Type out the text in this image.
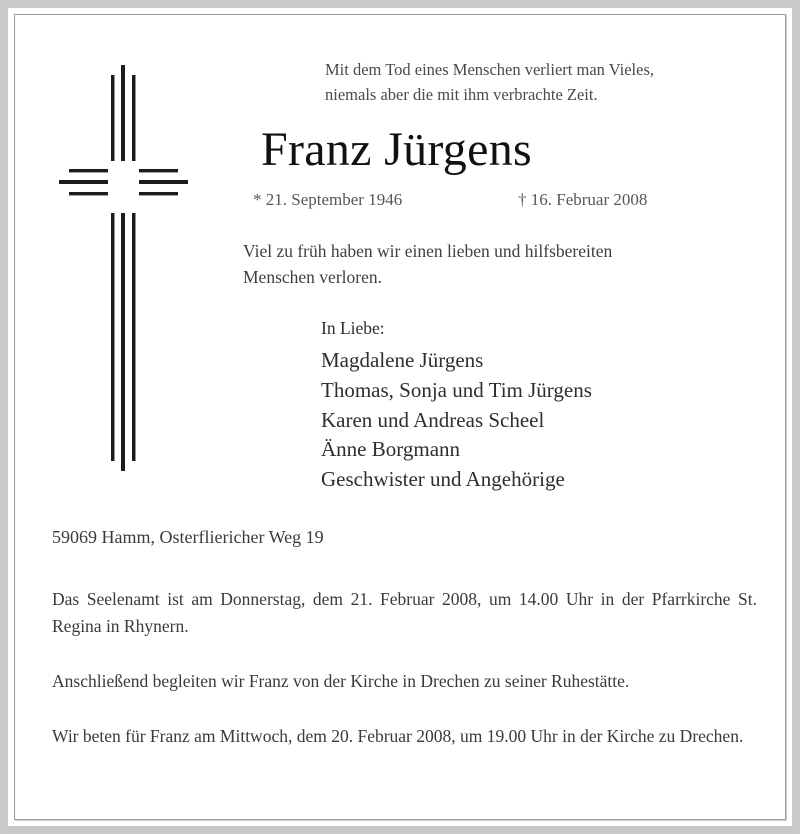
Mit dem Tod eines Menschen verliert man Vieles,
niemals aber die mit ihm verbrachte Zeit.
Franz Jürgens
* 21. September 1946	† 16. Februar 2008
Viel zu früh haben wir einen lieben und hilfsbereiten Menschen verloren.
In Liebe:
Magdalene Jürgens
Thomas, Sonja und Tim Jürgens
Karen und Andreas Scheel
Änne Borgmann
Geschwister und Angehörige
59069 Hamm, Osterfliericher Weg 19
Das Seelenamt ist am Donnerstag, dem 21. Februar 2008, um 14.00 Uhr in der Pfarrkirche St. Regina in Rhynern.
Anschließend begleiten wir Franz von der Kirche in Drechen zu seiner Ruhestätte.
Wir beten für Franz am Mittwoch, dem 20. Februar 2008, um 19.00 Uhr in der Kirche zu Drechen.
